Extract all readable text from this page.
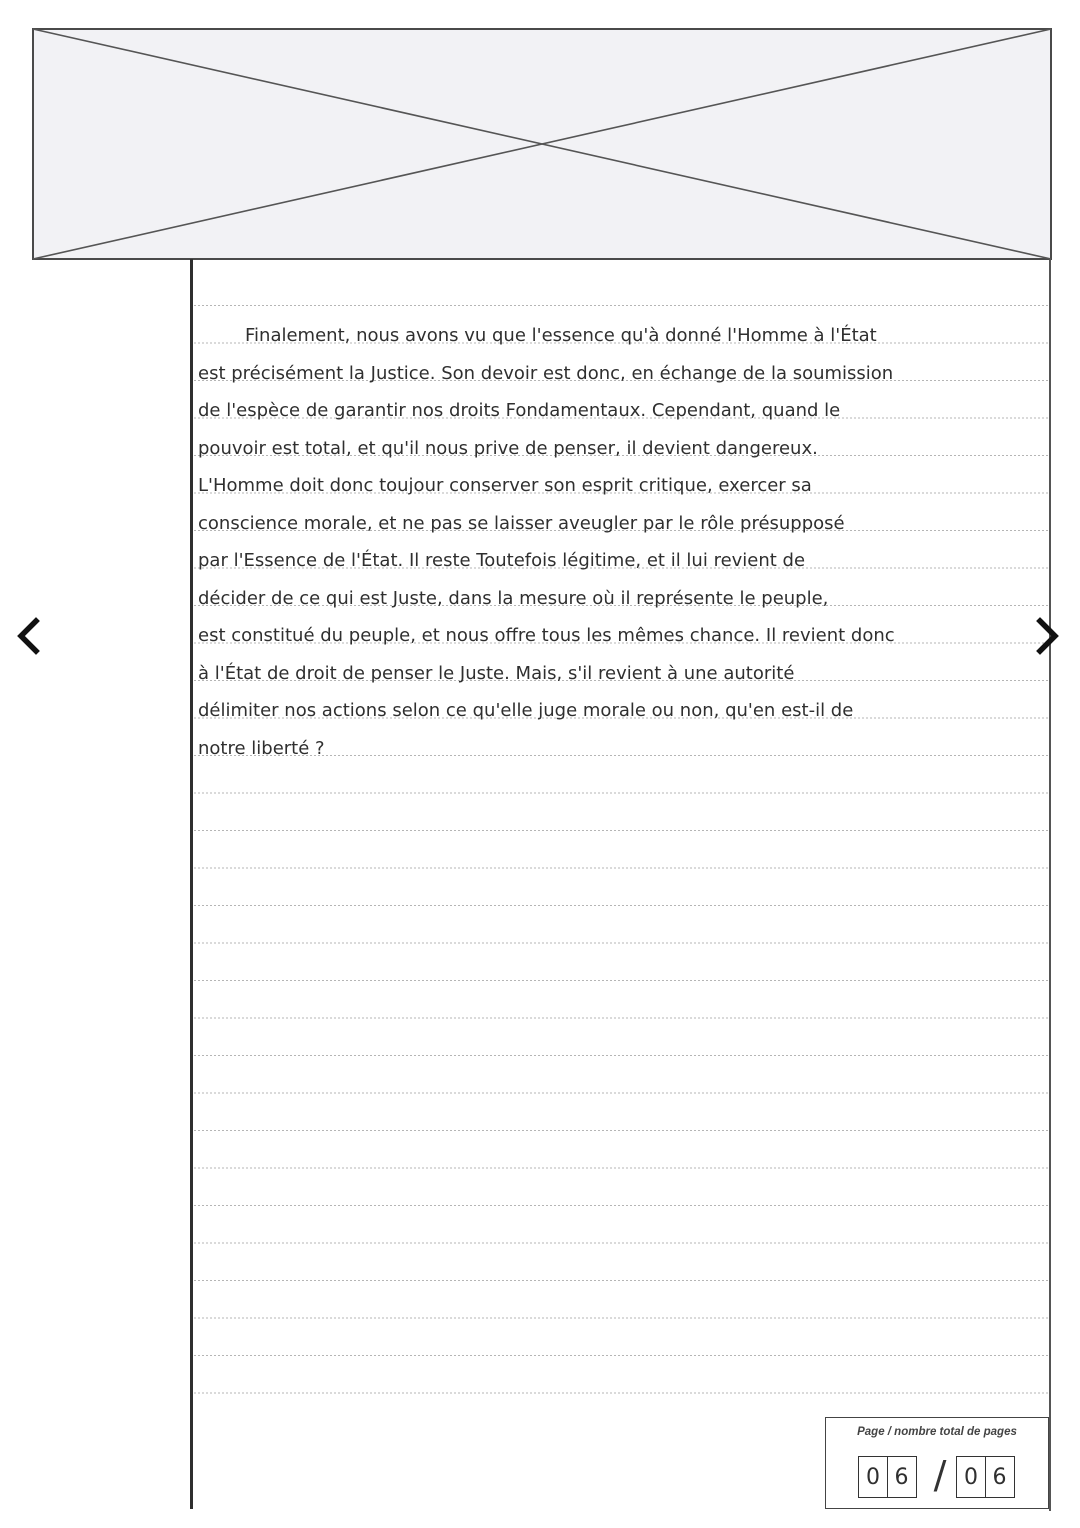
Finalement, nous avons vu que l'essence qu'à donné l'Homme à l'État
est précisément la Justice. Son devoir est donc, en échange de la soumission
de l'espèce de garantir nos droits Fondamentaux. Cependant, quand le
pouvoir est total, et qu'il nous prive de penser, il devient dangereux.
L'Homme doit donc toujour conserver son esprit critique, exercer sa
conscience morale, et ne pas se laisser aveugler par le rôle présupposé
par l'Essence de l'État. Il reste Toutefois légitime, et il lui revient de
décider de ce qui est Juste, dans la mesure où il représente le peuple,
est constitué du peuple, et nous offre tous les mêmes chance. Il revient donc
à l'État de droit de penser le Juste. Mais, s'il revient à une autorité
délimiter nos actions selon ce qu'elle juge morale ou non, qu'en est-il de
notre liberté ?
Page / nombre total de pages
0 6 / 0 6
